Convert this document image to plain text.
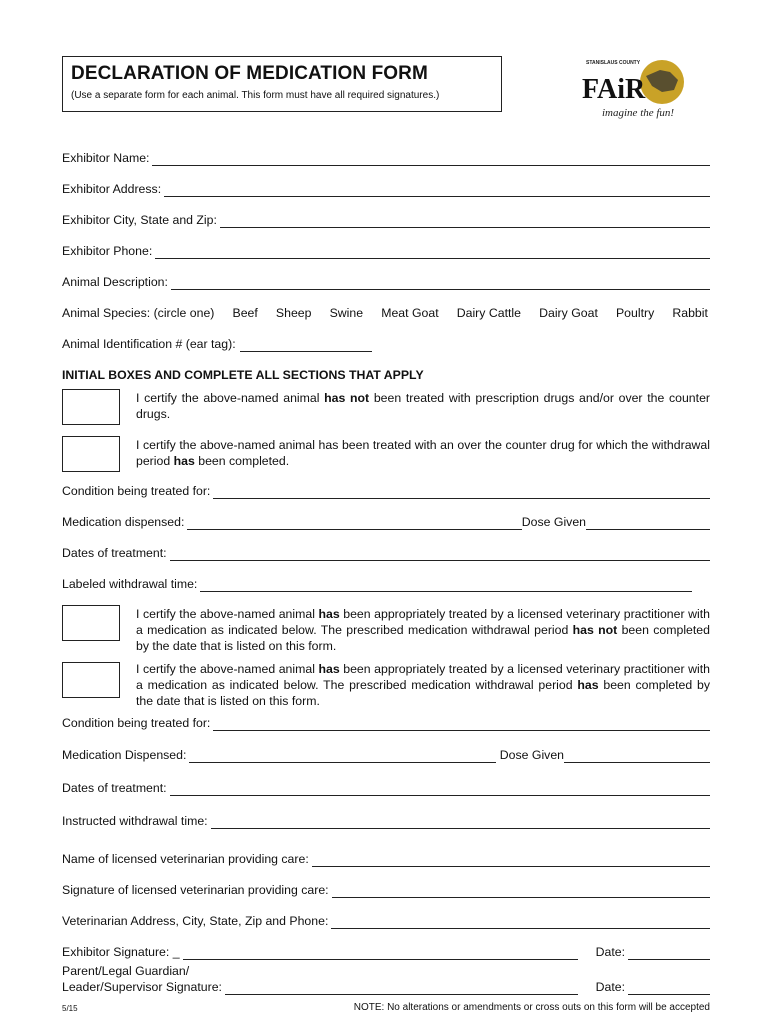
DECLARATION OF MEDICATION FORM
(Use a separate form for each animal. This form must have all required signatures.)
STANISLAUS COUNTY
FAiR
imagine the fun!
Exhibitor Name:
Exhibitor Address:
Exhibitor City, State and Zip:
Exhibitor Phone:
Animal Description:
Animal Species: (circle one) Beef Sheep Swine Meat Goat Dairy Cattle Dairy Goat Poultry Rabbit
Animal Identification # (ear tag):
INITIAL BOXES AND COMPLETE ALL SECTIONS THAT APPLY
I certify the above-named animal has not been treated with prescription drugs and/or over the counter drugs.
I certify the above-named animal has been treated with an over the counter drug for which the withdrawal period has been completed.
Condition being treated for:
Medication dispensed:	Dose Given
Dates of treatment:
Labeled withdrawal time:
I certify the above-named animal has been appropriately treated by a licensed veterinary practitioner with a medication as indicated below. The prescribed medication withdrawal period has not been completed by the date that is listed on this form.
I certify the above-named animal has been appropriately treated by a licensed veterinary practitioner with a medication as indicated below. The prescribed medication withdrawal period has been completed by the date that is listed on this form.
Condition being treated for:
Medication Dispensed:	Dose Given
Dates of treatment:
Instructed withdrawal time:
Name of licensed veterinarian providing care:
Signature of licensed veterinarian providing care:
Veterinarian Address, City, State, Zip and Phone:
Exhibitor Signature: _	Date:
Parent/Legal Guardian/
Leader/Supervisor Signature:	Date:
5/15	NOTE: No alterations or amendments or cross outs on this form will be accepted
